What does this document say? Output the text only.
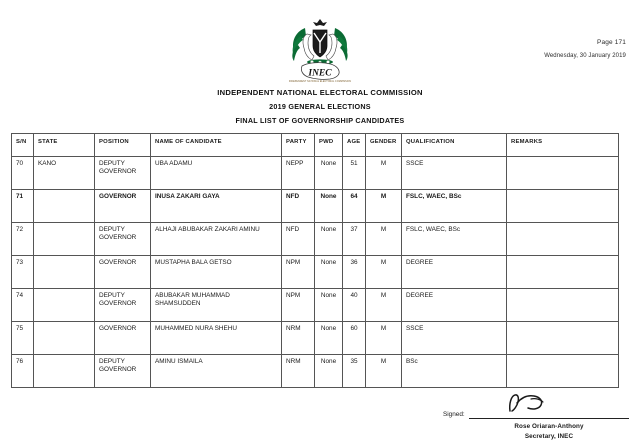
Page 171
Wednesday, 30 January 2019
INEC
INDEPENDENT NATIONAL ELECTORAL COMMISSION
INDEPENDENT NATIONAL ELECTORAL COMMISSION
2019 GENERAL ELECTIONS
FINAL LIST OF GOVERNORSHIP CANDIDATES
S/N	STATE	POSITION	NAME OF CANDIDATE	PARTY	PWD	AGE	GENDER	QUALIFICATION	REMARKS
70	KANO	DEPUTY GOVERNOR	UBA ADAMU	NEPP	None	51	M	SSCE	
71		GOVERNOR	INUSA ZAKARI GAYA	NFD	None	64	M	FSLC, WAEC, BSc	
72		DEPUTY GOVERNOR	ALHAJI ABUBAKAR ZAKARI AMINU	NFD	None	37	M	FSLC, WAEC, BSc	
73		GOVERNOR	MUSTAPHA BALA GETSO	NPM	None	36	M	DEGREE	
74		DEPUTY GOVERNOR	ABUBAKAR MUHAMMAD SHAMSUDDEN	NPM	None	40	M	DEGREE	
75		GOVERNOR	MUHAMMED NURA SHEHU	NRM	None	60	M	SSCE	
76		DEPUTY GOVERNOR	AMINU ISMAILA	NRM	None	35	M	BSc	
Signed:
Rose Oriaran-Anthony
Secretary, INEC
